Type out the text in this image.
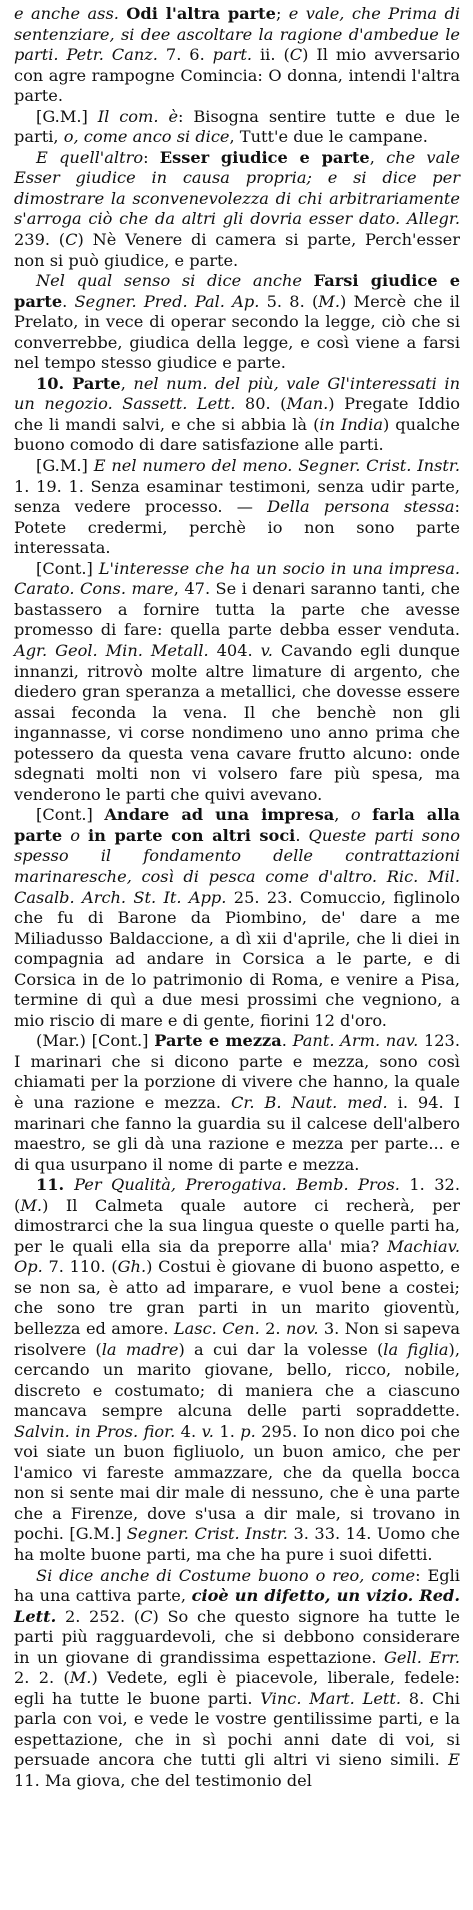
e anche ass. Odi l'altra parte; e vale, che Prima di sentenziare, si dee ascoltare la ragione d'ambedue le parti. Petr. Canz. 7. 6. part. ii. (C) Il mio avversario con agre rampogne Comincia: O donna, intendi l'altra parte.

[G.M.] Il com. è: Bisogna sentire tutte e due le parti, o, come anco si dice, Tutt'e due le campane.

E quell'altro: Esser giudice e parte, che vale Esser giudice in causa propria; e si dice per dimostrare la sconvenevolezza di chi arbitrariamente s'arroga ciò che da altri gli dovria esser dato. Allegr. 239. (C) Nè Venere di camera si parte, Perch'esser non si può giudice, e parte.

Nel qual senso si dice anche Farsi giudice e parte. Segner. Pred. Pal. Ap. 5. 8. (M.) Mercè che il Prelato, in vece di operar secondo la legge, ciò che si converrebbe, giudica della legge, e così viene a farsi nel tempo stesso giudice e parte.

10. Parte, nel num. del più, vale Gl'interessati in un negozio. Sassett. Lett. 80. (Man.) Pregate Iddio che li mandi salvi, e che si abbia là (in India) qualche buono comodo di dare satisfazione alle parti.

[G.M.] E nel numero del meno. Segner. Crist. Instr. 1. 19. 1. Senza esaminar testimoni, senza udir parte, senza vedere processo. — Della persona stessa: Potete credermi, perchè io non sono parte interessata.

[Cont.] L'interesse che ha un socio in una impresa. Carato. Cons. mare, 47. Se i denari saranno tanti, che bastassero a fornire tutta la parte che avesse promesso di fare: quella parte debba esser venduta. Agr. Geol. Min. Metall. 404. v. Cavando egli dunque innanzi, ritrovò molte altre limature di argento, che diedero gran speranza a metallici, che dovesse essere assai feconda la vena. Il che benchè non gli ingannasse, vi corse nondimeno uno anno prima che potessero da questa vena cavare frutto alcuno: onde sdegnati molti non vi volsero fare più spesa, ma venderono le parti che quivi avevano.

[Cont.] Andare ad una impresa, o farla alla parte o in parte con altri soci. Queste parti sono spesso il fondamento delle contrattazioni marinaresche, così di pesca come d'altro. Ric. Mil. Casalb. Arch. St. It. App. 25. 23. Comuccio, figlinolo che fu di Barone da Piombino, de' dare a me Miliadusso Baldaccione, a dì xii d'aprile, che li diei in compagnia ad andare in Corsica a le parte, e di Corsica in de lo patrimonio di Roma, e venire a Pisa, termine di quì a due mesi prossimi che vegniono, a mio riscio di mare e di gente, fiorini 12 d'oro.

(Mar.) [Cont.] Parte e mezza. Pant. Arm. nav. 123. I marinari che si dicono parte e mezza, sono così chiamati per la porzione di vivere che hanno, la quale è una razione e mezza. Cr. B. Naut. med. i. 94. I marinari che fanno la guardia su il calcese dell'albero maestro, se gli dà una razione e mezza per parte... e di qua usurpano il nome di parte e mezza.

11. Per Qualità, Prerogativa. Bemb. Pros. 1. 32. (M.) Il Calmeta quale autore ci recherà, per dimostrarci che la sua lingua queste o quelle parti ha, per le quali ella sia da preporre alla' mia? Machiav. Op. 7. 110. (Gh.) Costui è giovane di buono aspetto, e se non sa, è atto ad imparare, e vuol bene a costei; che sono tre gran parti in un marito gioventù, bellezza ed amore. Lasc. Cen. 2. nov. 3. Non si sapeva risolvere (la madre) a cui dar la volesse (la figlia), cercando un marito giovane, bello, ricco, nobile, discreto e costumato; di maniera che a ciascuno mancava sempre alcuna delle parti sopraddette. Salvin. in Pros. fior. 4. v. 1. p. 295. Io non dico poi che voi siate un buon figliuolo, un buon amico, che per l'amico vi fareste ammazzare, che da quella bocca non si sente mai dir male di nessuno, che è una parte che a Firenze, dove s'usa a dir male, si trovano in pochi. [G.M.] Segner. Crist. Instr. 3. 33. 14. Uomo che ha molte buone parti, ma che ha pure i suoi difetti.

Si dice anche di Costume buono o reo, come: Egli ha una cattiva parte, cioè un difetto, un vizio. Red. Lett. 2. 252. (C) So che questo signore ha tutte le parti più ragguardevoli, che si debbono considerare in un giovane di grandissima espettazione. Gell. Err. 2. 2. (M.) Vedete, egli è piacevole, liberale, fedele: egli ha tutte le buone parti. Vinc. Mart. Lett. 8. Chi parla con voi, e vede le vostre gentilissime parti, e la espettazione, che in sì pochi anni date di voi, si persuade ancora che tutti gli altri vi sieno simili. E 11. Ma giova, che del testimonio del
